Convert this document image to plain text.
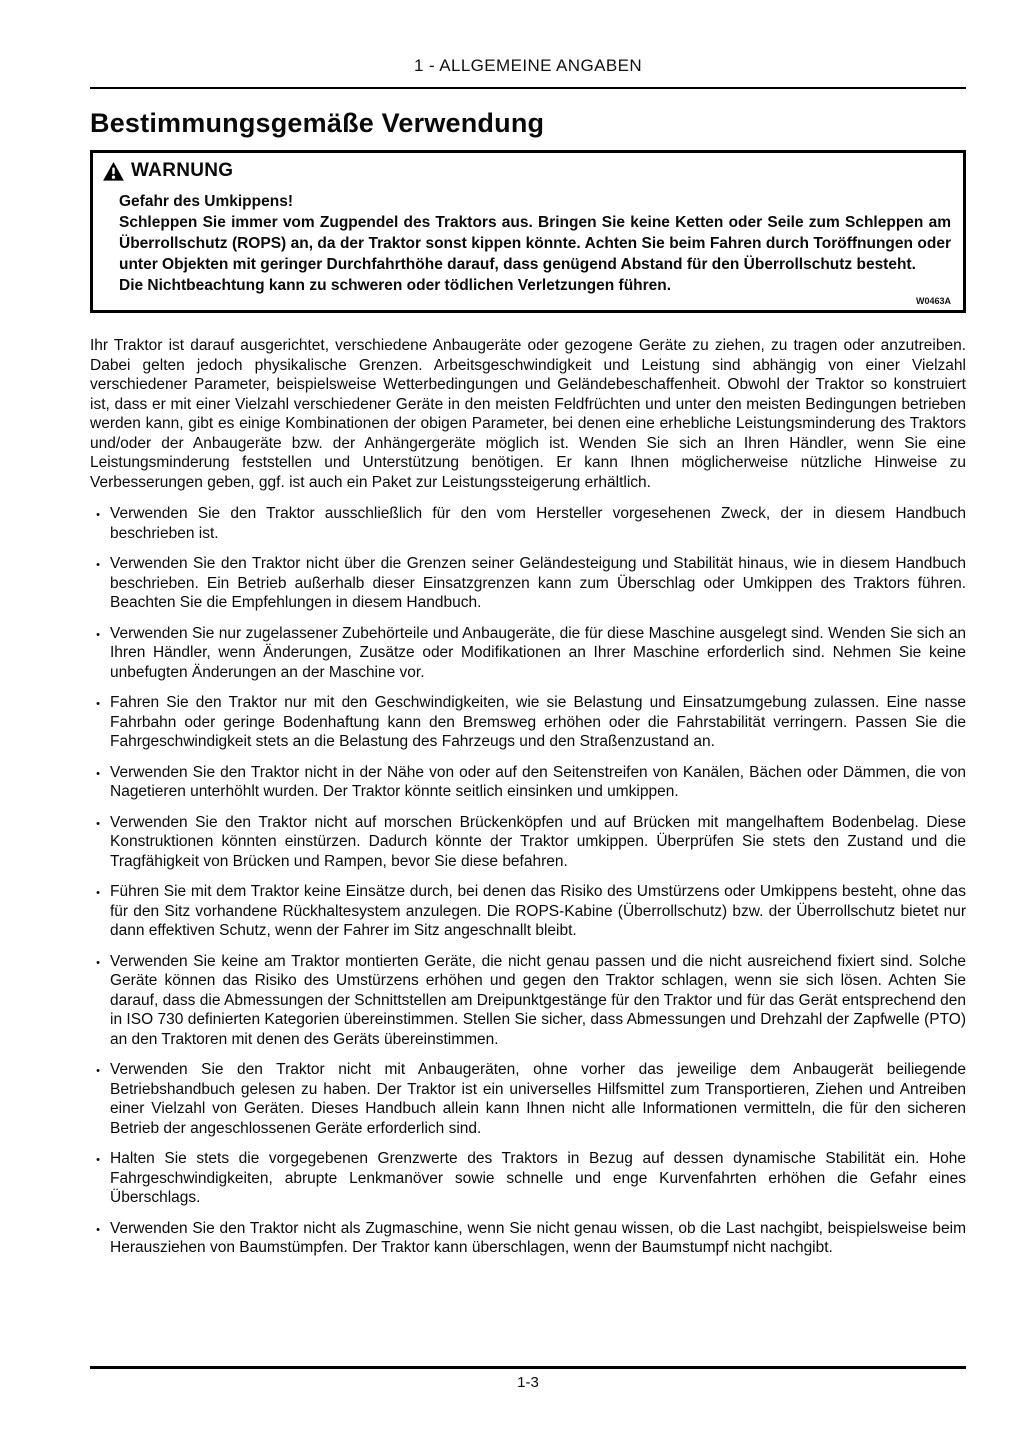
1 - ALLGEMEINE ANGABEN
Bestimmungsgemäße Verwendung
WARNUNG
Gefahr des Umkippens!
Schleppen Sie immer vom Zugpendel des Traktors aus. Bringen Sie keine Ketten oder Seile zum Schleppen am Überrollschutz (ROPS) an, da der Traktor sonst kippen könnte. Achten Sie beim Fahren durch Toröffnungen oder unter Objekten mit geringer Durchfahrthöhe darauf, dass genügend Abstand für den Überrollschutz besteht.
Die Nichtbeachtung kann zu schweren oder tödlichen Verletzungen führen.
W0463A

Ihr Traktor ist darauf ausgerichtet, verschiedene Anbaugeräte oder gezogene Geräte zu ziehen, zu tragen oder anzutreiben. Dabei gelten jedoch physikalische Grenzen. Arbeitsgeschwindigkeit und Leistung sind abhängig von einer Vielzahl verschiedener Parameter, beispielsweise Wetterbedingungen und Geländebeschaffenheit. Obwohl der Traktor so konstruiert ist, dass er mit einer Vielzahl verschiedener Geräte in den meisten Feldfrüchten und unter den meisten Bedingungen betrieben werden kann, gibt es einige Kombinationen der obigen Parameter, bei denen eine erhebliche Leistungsminderung des Traktors und/oder der Anbaugeräte bzw. der Anhängergeräte möglich ist. Wenden Sie sich an Ihren Händler, wenn Sie eine Leistungsminderung feststellen und Unterstützung benötigen. Er kann Ihnen möglicherweise nützliche Hinweise zu Verbesserungen geben, ggf. ist auch ein Paket zur Leistungssteigerung erhältlich.

• Verwenden Sie den Traktor ausschließlich für den vom Hersteller vorgesehenen Zweck, der in diesem Handbuch beschrieben ist.
• Verwenden Sie den Traktor nicht über die Grenzen seiner Geländesteigung und Stabilität hinaus, wie in diesem Handbuch beschrieben. Ein Betrieb außerhalb dieser Einsatzgrenzen kann zum Überschlag oder Umkippen des Traktors führen. Beachten Sie die Empfehlungen in diesem Handbuch.
• Verwenden Sie nur zugelassener Zubehörteile und Anbaugeräte, die für diese Maschine ausgelegt sind. Wenden Sie sich an Ihren Händler, wenn Änderungen, Zusätze oder Modifikationen an Ihrer Maschine erforderlich sind. Nehmen Sie keine unbefugten Änderungen an der Maschine vor.
• Fahren Sie den Traktor nur mit den Geschwindigkeiten, wie sie Belastung und Einsatzumgebung zulassen. Eine nasse Fahrbahn oder geringe Bodenhaftung kann den Bremsweg erhöhen oder die Fahrstabilität verringern. Passen Sie die Fahrgeschwindigkeit stets an die Belastung des Fahrzeugs und den Straßenzustand an.
• Verwenden Sie den Traktor nicht in der Nähe von oder auf den Seitenstreifen von Kanälen, Bächen oder Dämmen, die von Nagetieren unterhöhlt wurden. Der Traktor könnte seitlich einsinken und umkippen.
• Verwenden Sie den Traktor nicht auf morschen Brückenköpfen und auf Brücken mit mangelhaftem Bodenbelag. Diese Konstruktionen könnten einstürzen. Dadurch könnte der Traktor umkippen. Überprüfen Sie stets den Zustand und die Tragfähigkeit von Brücken und Rampen, bevor Sie diese befahren.
• Führen Sie mit dem Traktor keine Einsätze durch, bei denen das Risiko des Umstürzens oder Umkippens besteht, ohne das für den Sitz vorhandene Rückhaltesystem anzulegen. Die ROPS-Kabine (Überrollschutz) bzw. der Überrollschutz bietet nur dann effektiven Schutz, wenn der Fahrer im Sitz angeschnallt bleibt.
• Verwenden Sie keine am Traktor montierten Geräte, die nicht genau passen und die nicht ausreichend fixiert sind. Solche Geräte können das Risiko des Umstürzens erhöhen und gegen den Traktor schlagen, wenn sie sich lösen. Achten Sie darauf, dass die Abmessungen der Schnittstellen am Dreipunktgestänge für den Traktor und für das Gerät entsprechend den in ISO 730 definierten Kategorien übereinstimmen. Stellen Sie sicher, dass Abmessungen und Drehzahl der Zapfwelle (PTO) an den Traktoren mit denen des Geräts übereinstimmen.
• Verwenden Sie den Traktor nicht mit Anbaugeräten, ohne vorher das jeweilige dem Anbaugerät beiliegende Betriebshandbuch gelesen zu haben. Der Traktor ist ein universelles Hilfsmittel zum Transportieren, Ziehen und Antreiben einer Vielzahl von Geräten. Dieses Handbuch allein kann Ihnen nicht alle Informationen vermitteln, die für den sicheren Betrieb der angeschlossenen Geräte erforderlich sind.
• Halten Sie stets die vorgegebenen Grenzwerte des Traktors in Bezug auf dessen dynamische Stabilität ein. Hohe Fahrgeschwindigkeiten, abrupte Lenkmanöver sowie schnelle und enge Kurvenfahrten erhöhen die Gefahr eines Überschlags.
• Verwenden Sie den Traktor nicht als Zugmaschine, wenn Sie nicht genau wissen, ob die Last nachgibt, beispielsweise beim Herausziehen von Baumstümpfen. Der Traktor kann überschlagen, wenn der Baumstumpf nicht nachgibt.
1-3
